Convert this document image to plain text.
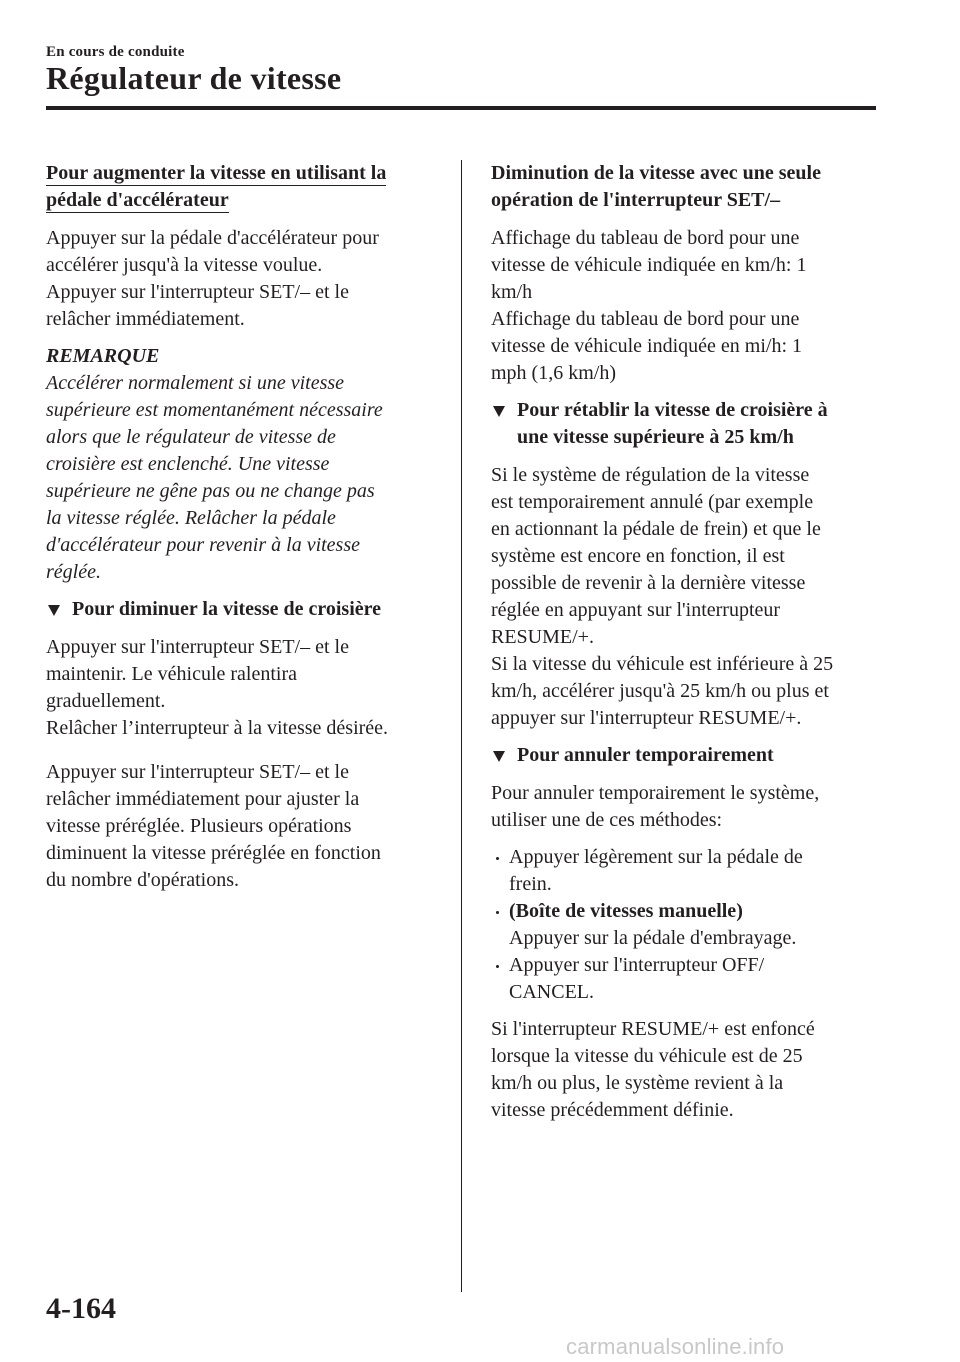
En cours de conduite
Régulateur de vitesse

Pour augmenter la vitesse en utilisant la
pédale d'accélérateur

Appuyer sur la pédale d'accélérateur pour

accélérer jusqu'à la vitesse voulue.

Appuyer sur l'interrupteur SET/– et le

relâcher immédiatement.

REMARQUE

Accélérer normalement si une vitesse

supérieure est momentanément nécessaire

alors que le régulateur de vitesse de

croisière est enclenché. Une vitesse

supérieure ne gêne pas ou ne change pas

la vitesse réglée. Relâcher la pédale

d'accélérateur pour revenir à la vitesse

réglée.

Pour diminuer la vitesse de croisière

Appuyer sur l'interrupteur SET/– et le

maintenir. Le véhicule ralentira

graduellement.

Relâcher l’interrupteur à la vitesse désirée.

Appuyer sur l'interrupteur SET/– et le

relâcher immédiatement pour ajuster la

vitesse préréglée. Plusieurs opérations

diminuent la vitesse préréglée en fonction

du nombre d'opérations.

Diminution de la vitesse avec une seule

opération de l'interrupteur SET/–

Affichage du tableau de bord pour une

vitesse de véhicule indiquée en km/h: 1

km/h

Affichage du tableau de bord pour une

vitesse de véhicule indiquée en mi/h: 1

mph (1,6 km/h)

Pour rétablir la vitesse de croisière à

une vitesse supérieure à 25 km/h

Si le système de régulation de la vitesse

est temporairement annulé (par exemple

en actionnant la pédale de frein) et que le

système est encore en fonction, il est

possible de revenir à la dernière vitesse

réglée en appuyant sur l'interrupteur

RESUME/+.

Si la vitesse du véhicule est inférieure à 25

km/h, accélérer jusqu'à 25 km/h ou plus et

appuyer sur l'interrupteur RESUME/+.

Pour annuler temporairement

Pour annuler temporairement le système,

utiliser une de ces méthodes:

Appuyer légèrement sur la pédale de

frein.

(Boîte de vitesses manuelle)

Appuyer sur la pédale d'embrayage.

Appuyer sur l'interrupteur OFF/

CANCEL.

Si l'interrupteur RESUME/+ est enfoncé

lorsque la vitesse du véhicule est de 25

km/h ou plus, le système revient à la

vitesse précédemment définie.

4-164
carmanualsonline.info
